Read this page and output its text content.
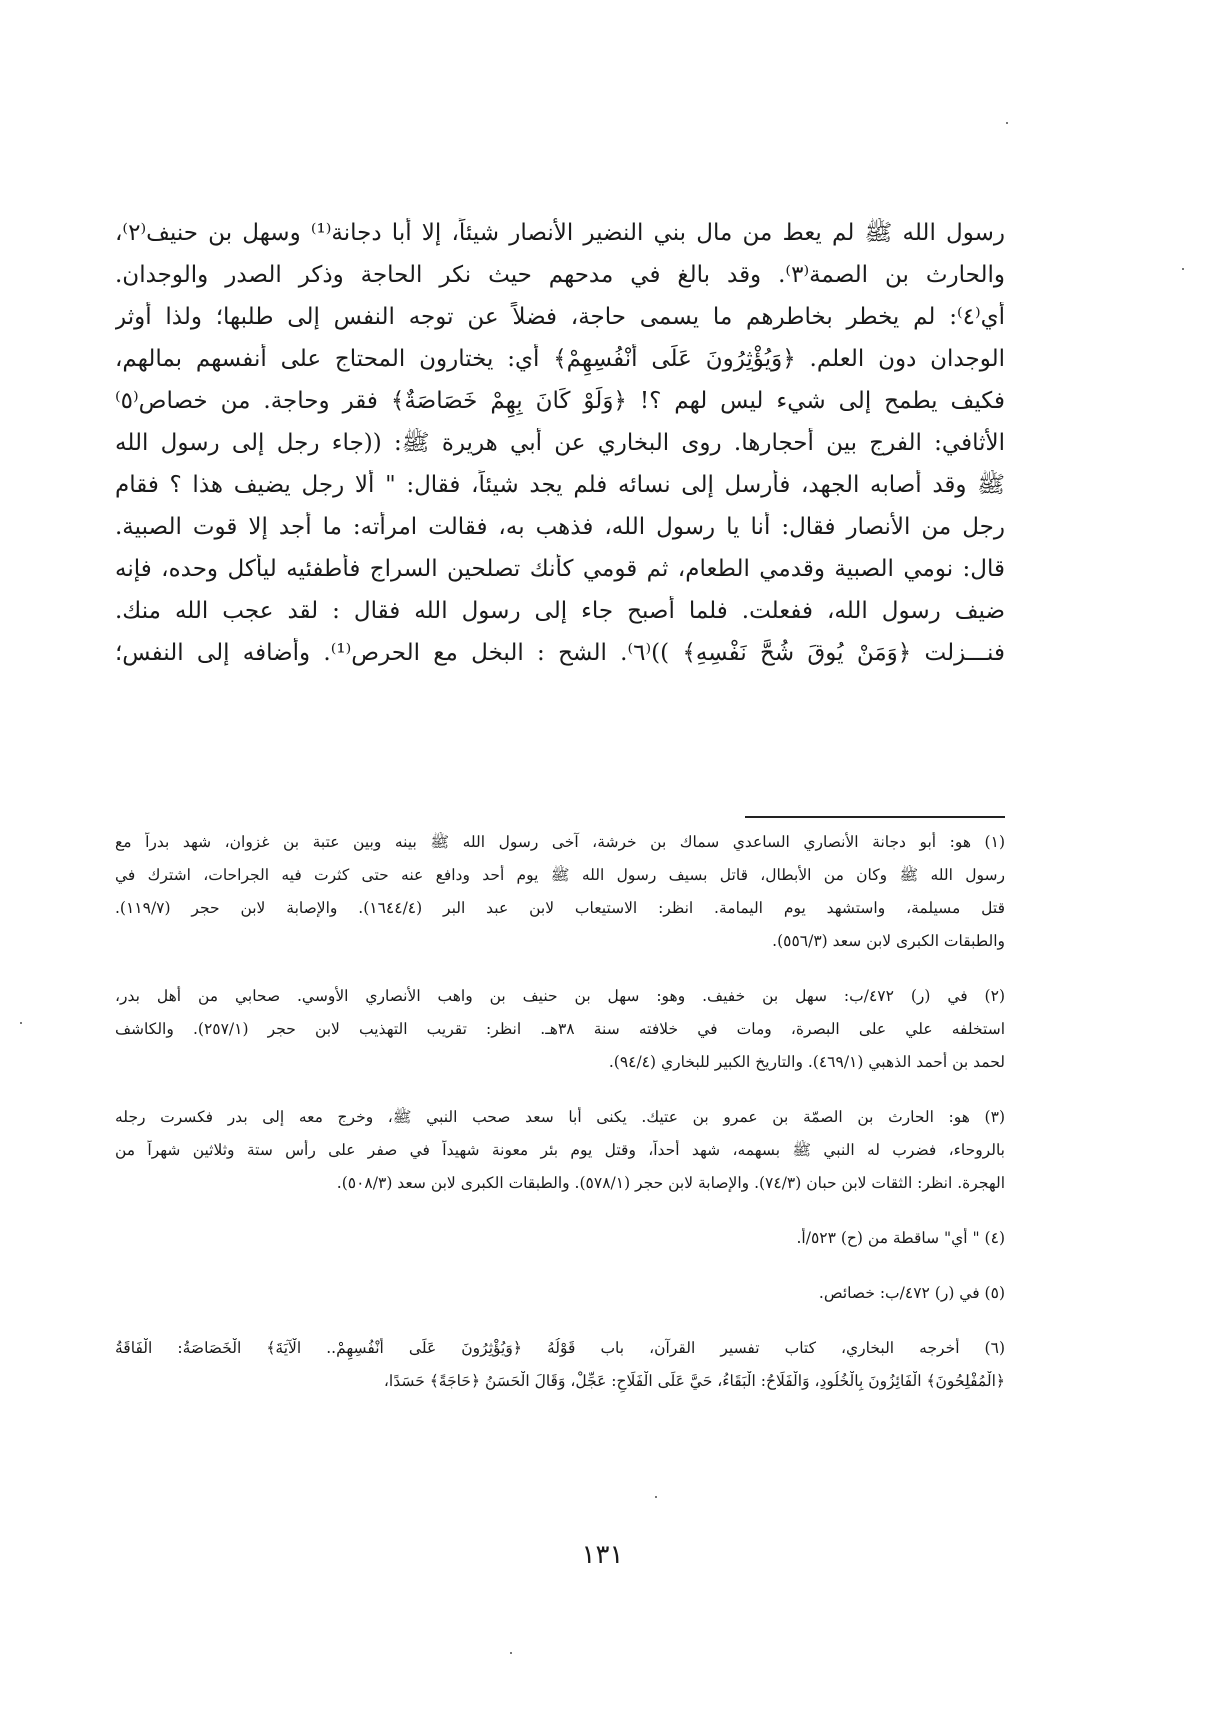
رسول الله ﷺ لم يعط من مال بني النضير الأنصار شيئاً، إلا أبا دجانة⁽¹⁾ وسهل بن حنيف⁽٢⁾،
والحارث بن الصمة⁽٣⁾. وقد بالغ في مدحهم حيث نكر الحاجة وذكر الصدر والوجدان.
أي⁽٤⁾: لم يخطر بخاطرهم ما يسمى حاجة، فضلاً عن توجه النفس إلى طلبها؛ ولذا أوثر
الوجدان دون العلم. ﴿وَيُؤْثِرُونَ عَلَى أَنْفُسِهِمْ﴾ أي: يختارون المحتاج على أنفسهم بمالهم،
فكيف يطمح إلى شيء ليس لهم ؟! ﴿وَلَوْ كَانَ بِهِمْ خَصَاصَةٌ﴾ فقر وحاجة. من خصاص⁽٥⁾
الأثافي: الفرج بين أحجارها. روى البخاري عن أبي هريرة ﷺ: ((جاء رجل إلى رسول الله
ﷺ وقد أصابه الجهد، فأرسل إلى نسائه فلم يجد شيئاً، فقال: " ألا رجل يضيف هذا ؟ فقام
رجل من الأنصار فقال: أنا يا رسول الله، فذهب به، فقالت امرأته: ما أجد إلا قوت الصبية.
قال: نومي الصبية وقدمي الطعام، ثم قومي كأنك تصلحين السراج فأطفئيه ليأكل وحده، فإنه
ضيف رسول الله، ففعلت. فلما أصبح جاء إلى رسول الله فقال : لقد عجب الله منك.
فنـــزلت ﴿وَمَنْ يُوقَ شُحَّ نَفْسِهِ﴾ ))⁽٦⁾. الشح : البخل مع الحرص⁽¹⁾. وأضافه إلى النفس؛
(١) هو: أبو دجانة الأنصاري الساعدي سماك بن خرشة، آخى رسول الله ﷺ بينه وبين عتبة بن غزوان، شهد بدراً مع
رسول الله ﷺ وكان من الأبطال، قاتل بسيف رسول الله ﷺ يوم أحد ودافع عنه حتى كثرت فيه الجراحات، اشترك في
قتل مسيلمة، واستشهد يوم اليمامة. انظر: الاستيعاب لابن عبد البر (١٦٤٤/٤). والإصابة لابن حجر (١١٩/٧).
والطبقات الكبرى لابن سعد (٥٥٦/٣).
(٢) في (ر) ٤٧٢/ب: سهل بن خفيف. وهو: سهل بن حنيف بن واهب الأنصاري الأوسي. صحابي من أهل بدر،
استخلفه علي على البصرة، ومات في خلافته سنة ٣٨هـ. انظر: تقريب التهذيب لابن حجر (٢٥٧/١). والكاشف
لحمد بن أحمد الذهبي (٤٦٩/١). والتاريخ الكبير للبخاري (٩٤/٤).
(٣) هو: الحارث بن الصمّة بن عمرو بن عتيك. يكنى أبا سعد صحب النبي ﷺ، وخرج معه إلى بدر فكسرت رجله
بالروحاء، فضرب له النبي ﷺ بسهمه، شهد أحداً، وقتل يوم بئر معونة شهيداً في صفر على رأس ستة وثلاثين شهراً من
الهجرة. انظر: الثقات لابن حبان (٧٤/٣). والإصابة لابن حجر (٥٧٨/١). والطبقات الكبرى لابن سعد (٥٠٨/٣).
(٤) " أي" ساقطة من (ح) ٥٢٣/أ.
(٥) في (ر) ٤٧٢/ب: خصائص.
(٦) أخرجه البخاري، كتاب تفسير القرآن، باب قَوْلُهُ ﴿وَيُؤْثِرُونَ عَلَى أَنْفُسِهِمْ.. الْآيَةَ﴾ الْخَصَاصَةُ: الْفَاقَةُ
﴿الْمُفْلِحُونَ﴾ الْفَائِزُونَ بِالْخُلُودِ، وَالْفَلَاحُ: الْبَقَاءُ، حَيَّ عَلَى الْفَلَاحِ: عَجِّلْ، وَقَالَ الْحَسَنُ ﴿حَاجَةً﴾ حَسَدًا،
١٣١
